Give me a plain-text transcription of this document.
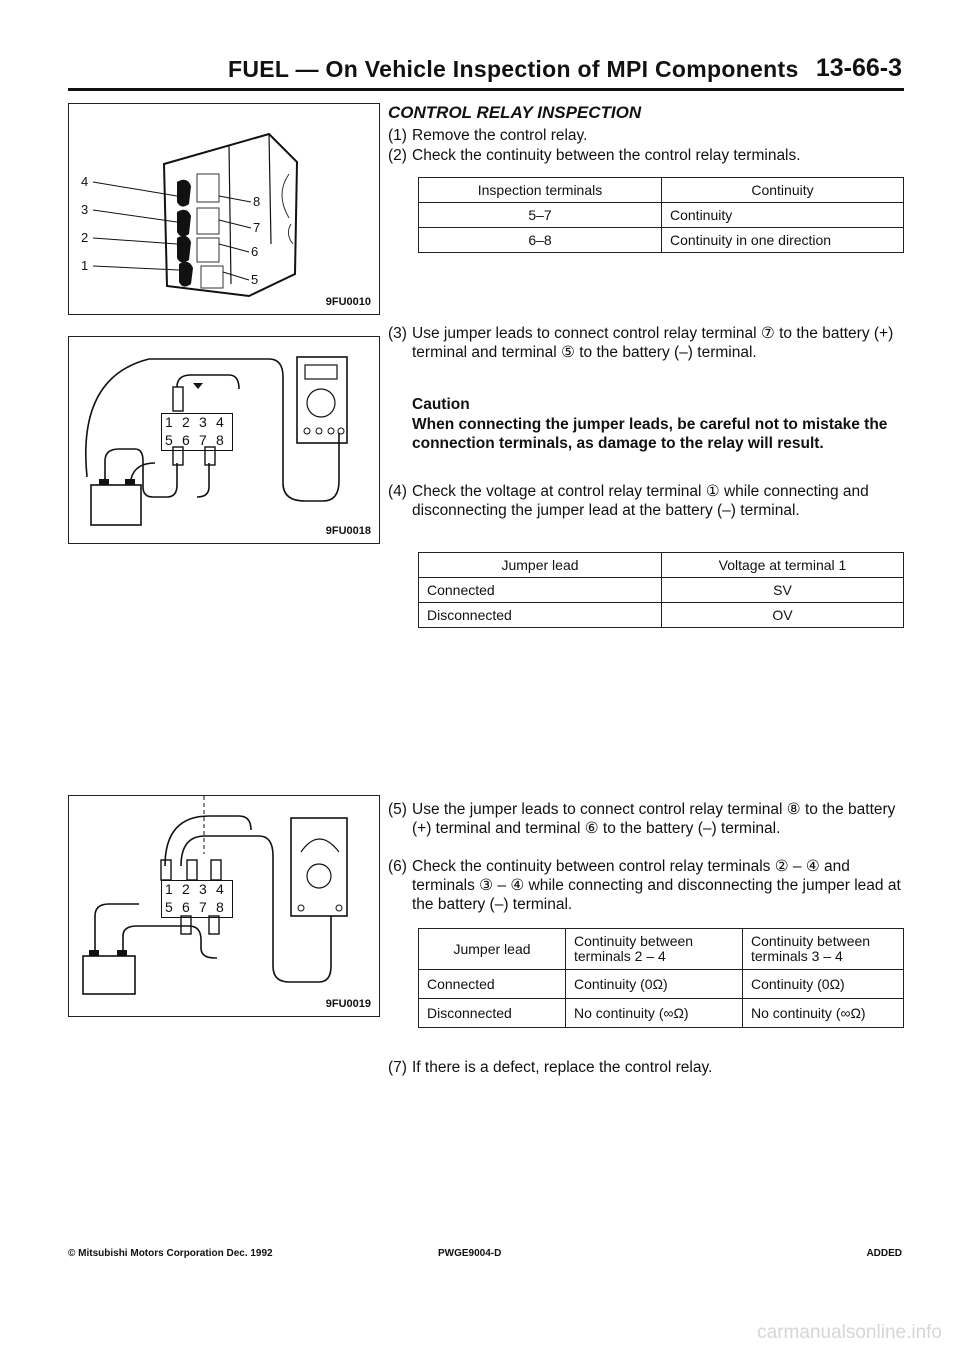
FUEL — On Vehicle Inspection of MPI Components 13-66-3
4
3
2
1
8
7
6
5
9FU0010
1 2 3 4
5 6 7 8
9FU0018
1 2 3 4
5 6 7 8
9FU0019
CONTROL RELAY INSPECTION
(1) Remove the control relay.
(2) Check the continuity between the control relay terminals.
Inspection terminals	Continuity
5–7	Continuity
6–8	Continuity in one direction
(3) Use jumper leads to connect control relay terminal ⑦ to the battery (+) terminal and terminal ⑤ to the battery (–) terminal.
Caution
When connecting the jumper leads, be careful not to mistake the connection terminals, as damage to the relay will result.
(4) Check the voltage at control relay terminal ① while connecting and disconnecting the jumper lead at the battery (–) terminal.
Jumper lead	Voltage at terminal 1
Connected	SV
Disconnected	OV
(5) Use the jumper leads to connect control relay terminal ⑧ to the battery (+) terminal and terminal ⑥ to the battery (–) terminal.
(6) Check the continuity between control relay terminals ② – ④ and terminals ③ – ④ while connecting and disconnecting the jumper lead at the battery (–) terminal.
Jumper lead	Continuity between terminals 2 – 4	Continuity between terminals 3 – 4
Connected	Continuity (0Ω)	Continuity (0Ω)
Disconnected	No continuity (∞Ω)	No continuity (∞Ω)
(7) If there is a defect, replace the control relay.
© Mitsubishi Motors Corporation Dec. 1992	PWGE9004-D	ADDED
carmanualsonline.info
